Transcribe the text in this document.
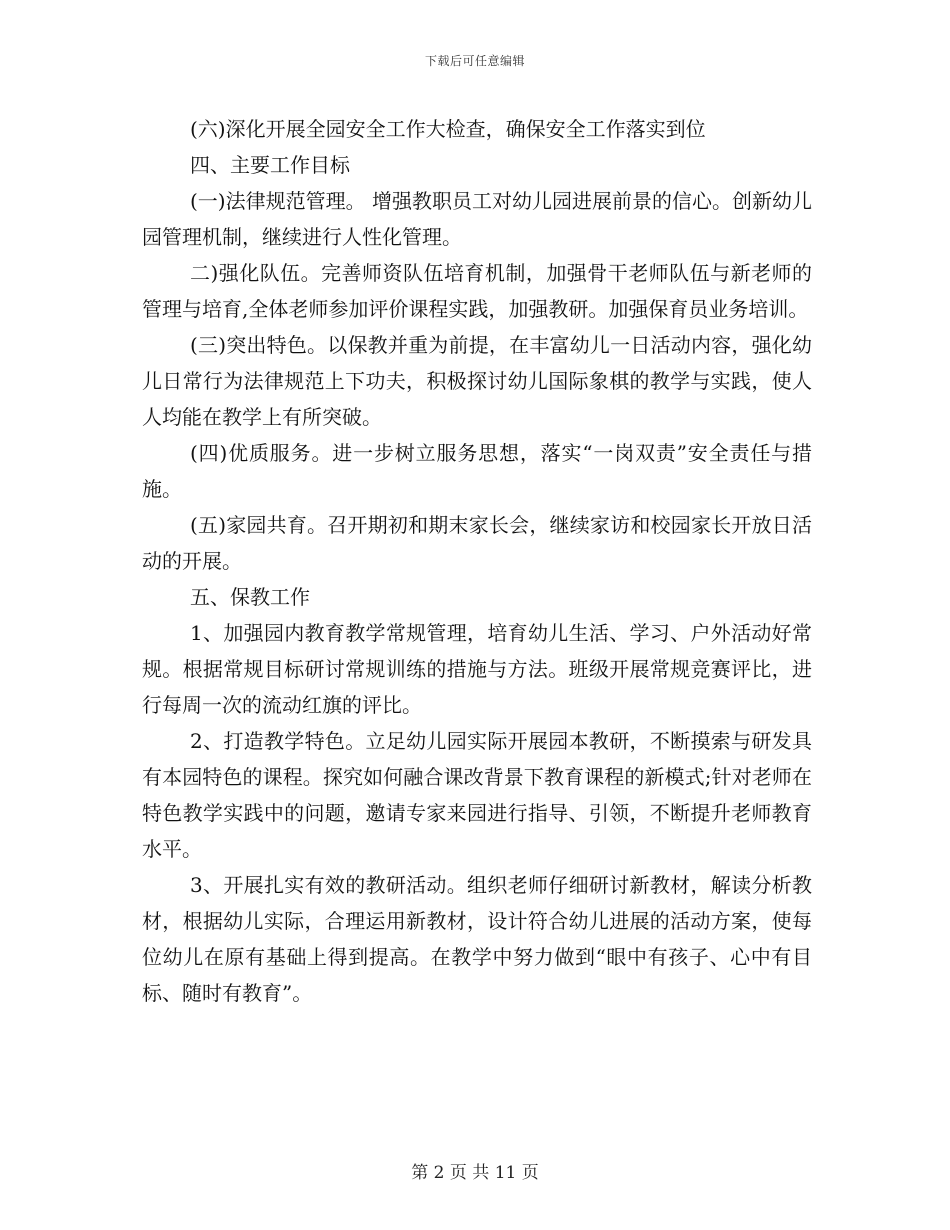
下载后可任意编辑

(六)深化开展全园安全工作大检查，确保安全工作落实到位

四、主要工作目标

(一)法律规范管理。 增强教职员工对幼儿园进展前景的信心。创新幼儿园管理机制，继续进行人性化管理。

二)强化队伍。完善师资队伍培育机制，加强骨干老师队伍与新老师的管理与培育,全体老师参加评价课程实践，加强教研。加强保育员业务培训。

(三)突出特色。以保教并重为前提，在丰富幼儿一日活动内容，强化幼儿日常行为法律规范上下功夫，积极探讨幼儿国际象棋的教学与实践，使人人均能在教学上有所突破。

(四)优质服务。进一步树立服务思想，落实“一岗双责”安全责任与措施。

(五)家园共育。召开期初和期末家长会，继续家访和校园家长开放日活动的开展。

五、保教工作

1、加强园内教育教学常规管理，培育幼儿生活、学习、户外活动好常规。根据常规目标研讨常规训练的措施与方法。班级开展常规竞赛评比，进行每周一次的流动红旗的评比。

2、打造教学特色。立足幼儿园实际开展园本教研，不断摸索与研发具有本园特色的课程。探究如何融合课改背景下教育课程的新模式;针对老师在特色教学实践中的问题，邀请专家来园进行指导、引领，不断提升老师教育水平。

3、开展扎实有效的教研活动。组织老师仔细研讨新教材，解读分析教材，根据幼儿实际，合理运用新教材，设计符合幼儿进展的活动方案，使每位幼儿在原有基础上得到提高。在教学中努力做到“眼中有孩子、心中有目标、随时有教育”。

第 2 页 共 11 页
